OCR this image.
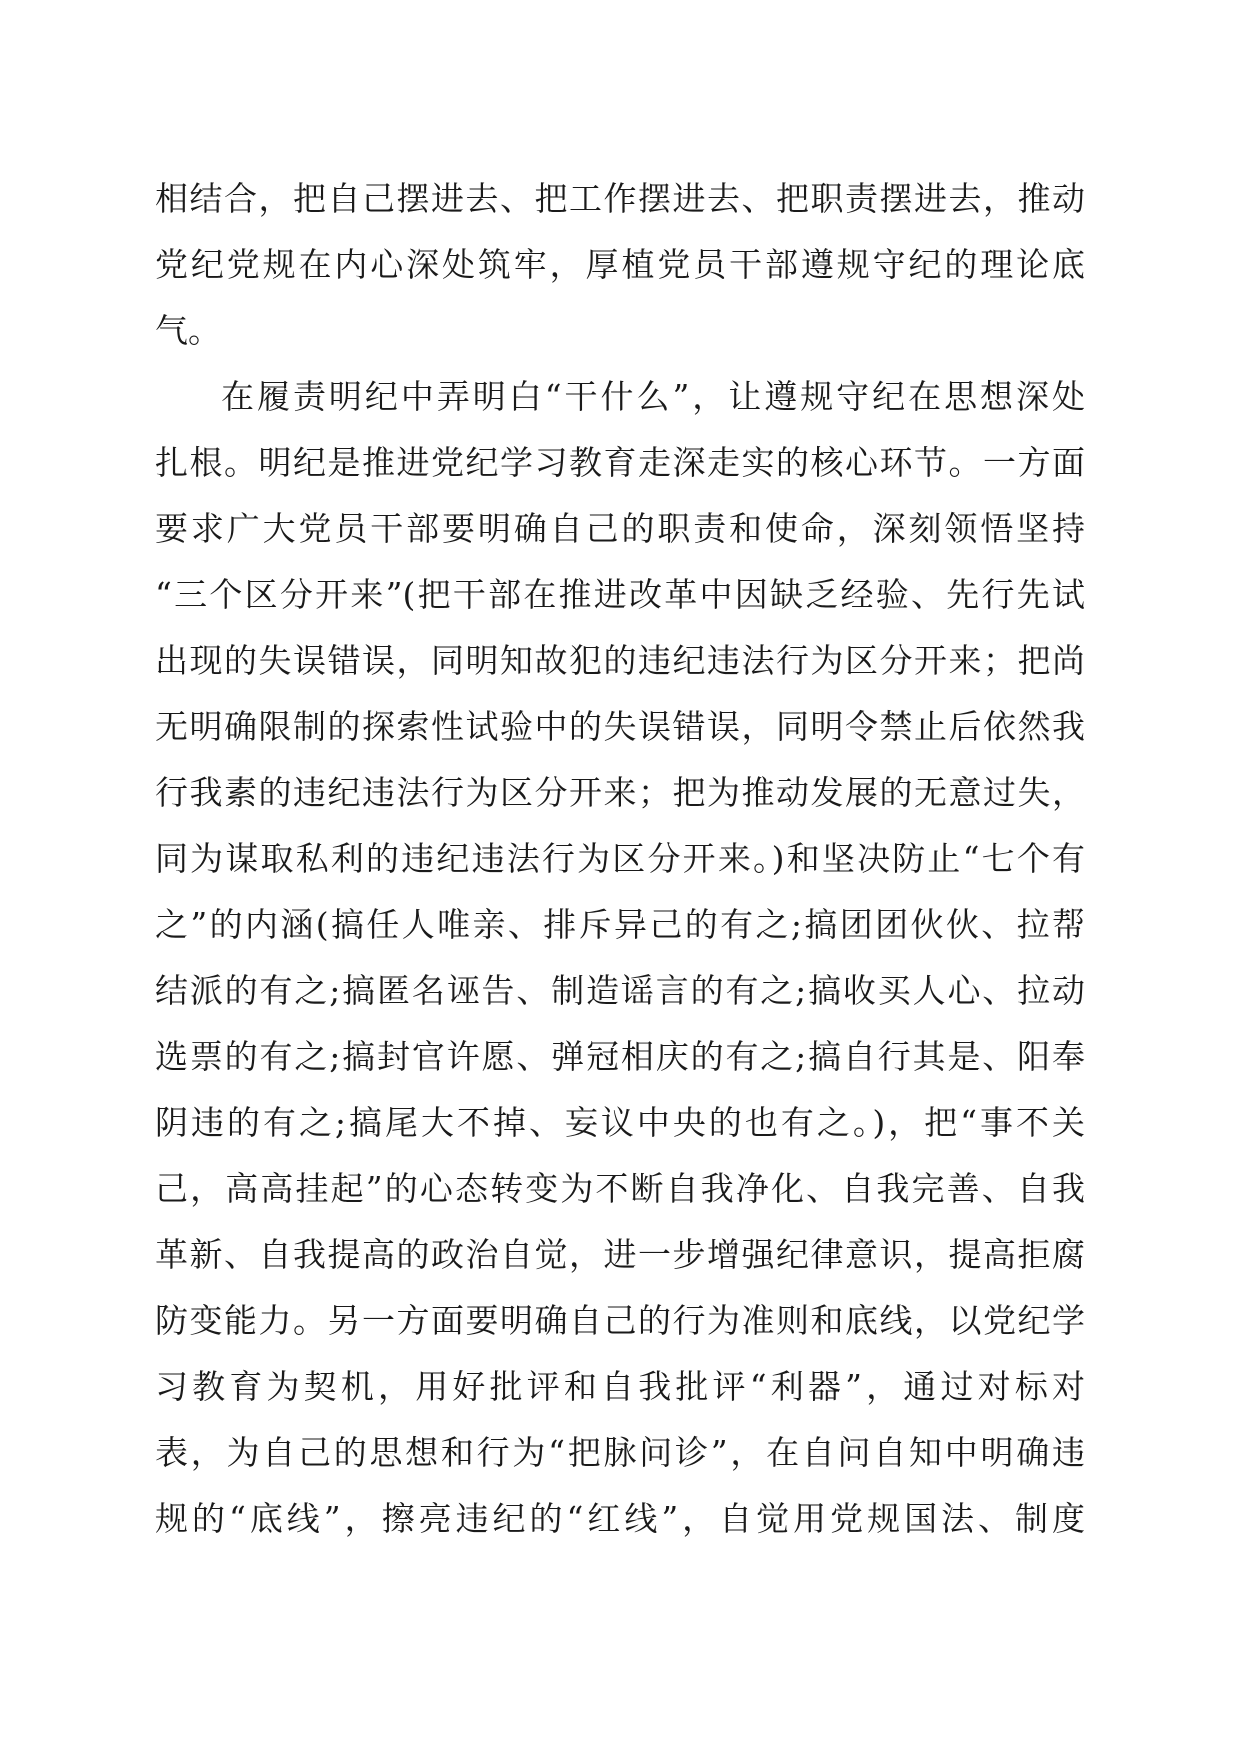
相结合，把自己摆进去、把工作摆进去、把职责摆进去，推动
党纪党规在内心深处筑牢，厚植党员干部遵规守纪的理论底
气。
在履责明纪中弄明白“干什么”，让遵规守纪在思想深处
扎根。明纪是推进党纪学习教育走深走实的核心环节。一方面
要求广大党员干部要明确自己的职责和使命，深刻领悟坚持
“三个区分开来”(把干部在推进改革中因缺乏经验、先行先试
出现的失误错误，同明知故犯的违纪违法行为区分开来；把尚
无明确限制的探索性试验中的失误错误，同明令禁止后依然我
行我素的违纪违法行为区分开来；把为推动发展的无意过失，
同为谋取私利的违纪违法行为区分开来。)和坚决防止“七个有
之”的内涵(搞任人唯亲、排斥异己的有之;搞团团伙伙、拉帮
结派的有之;搞匿名诬告、制造谣言的有之;搞收买人心、拉动
选票的有之;搞封官许愿、弹冠相庆的有之;搞自行其是、阳奉
阴违的有之;搞尾大不掉、妄议中央的也有之。)，把“事不关
己，高高挂起”的心态转变为不断自我净化、自我完善、自我
革新、自我提高的政治自觉，进一步增强纪律意识，提高拒腐
防变能力。另一方面要明确自己的行为准则和底线，以党纪学
习教育为契机，用好批评和自我批评“利器”，通过对标对
表，为自己的思想和行为“把脉问诊”，在自问自知中明确违
规的“底线”，擦亮违纪的“红线”，自觉用党规国法、制度
